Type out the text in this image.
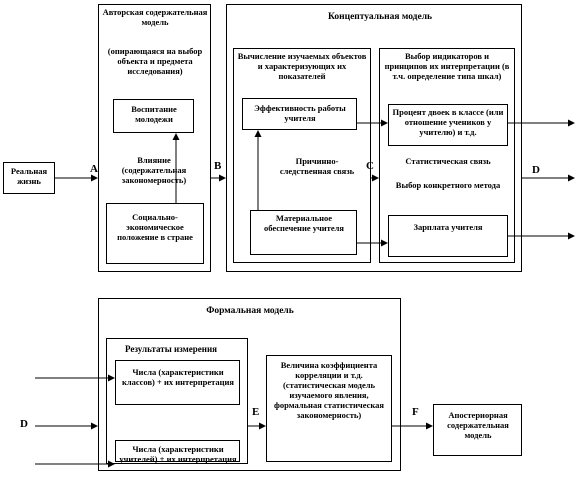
Реальная жизнь
Авторская содержательная модель
(опирающаяся на выбор объекта и предмета исследования)
Воспитание молодежи
Влияние (содержательная закономерность)
Социально-экономическое положение в стране
Концептуальная модель
Вычисление изучаемых объектов и характеризующих их показателей
Эффективность работы учителя
Причинно-следственная связь
Материальное обеспечение учителя
Выбор индикаторов и принципов их интерпретации (в т.ч. определение типа шкал)
Процент двоек в классе (или отношение учеников у учителю) и т.д.
Статистическая связь
Выбор конкретного метода
Зарплата учителя
A	B	C	D
Формальная модель
Результаты измерения
Числа (характеристики классов) + их интерпретация
Числа (характеристики учителей) + их интерпретация
Величина коэффициента корреляции и т.д. (статистическая модель изучаемого явления, формальная статистическая закономерность)	Апостериорная содержательная модель
D
E	F
